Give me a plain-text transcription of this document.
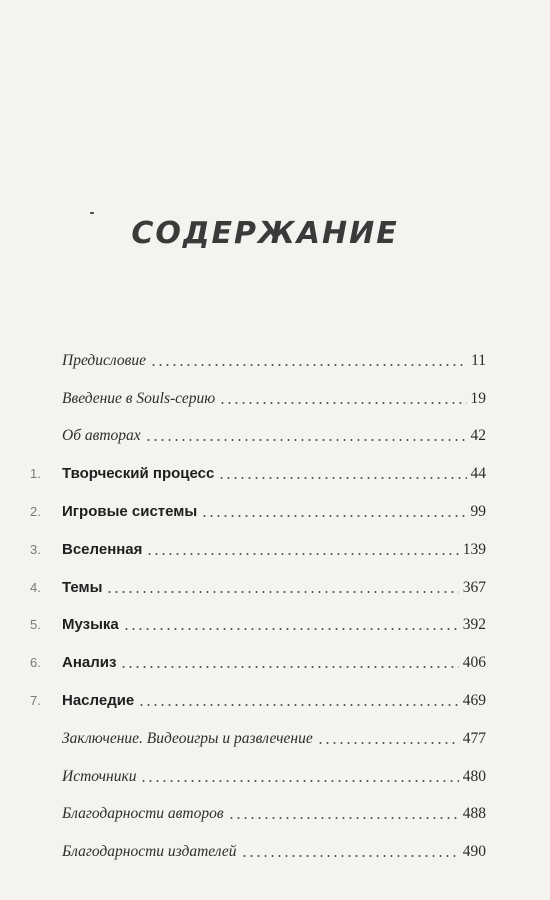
СОДЕРЖАНИЕ
Предисловие	11
Введение в Souls-серию	19
Об авторах	42
1.	Творческий процесс	44
2.	Игровые системы	99
3.	Вселенная	139
4.	Темы	367
5.	Музыка	392
6.	Анализ	406
7.	Наследие	469
Заключение. Видеоигры и развлечение	477
Источники	480
Благодарности авторов	488
Благодарности издателей	490
